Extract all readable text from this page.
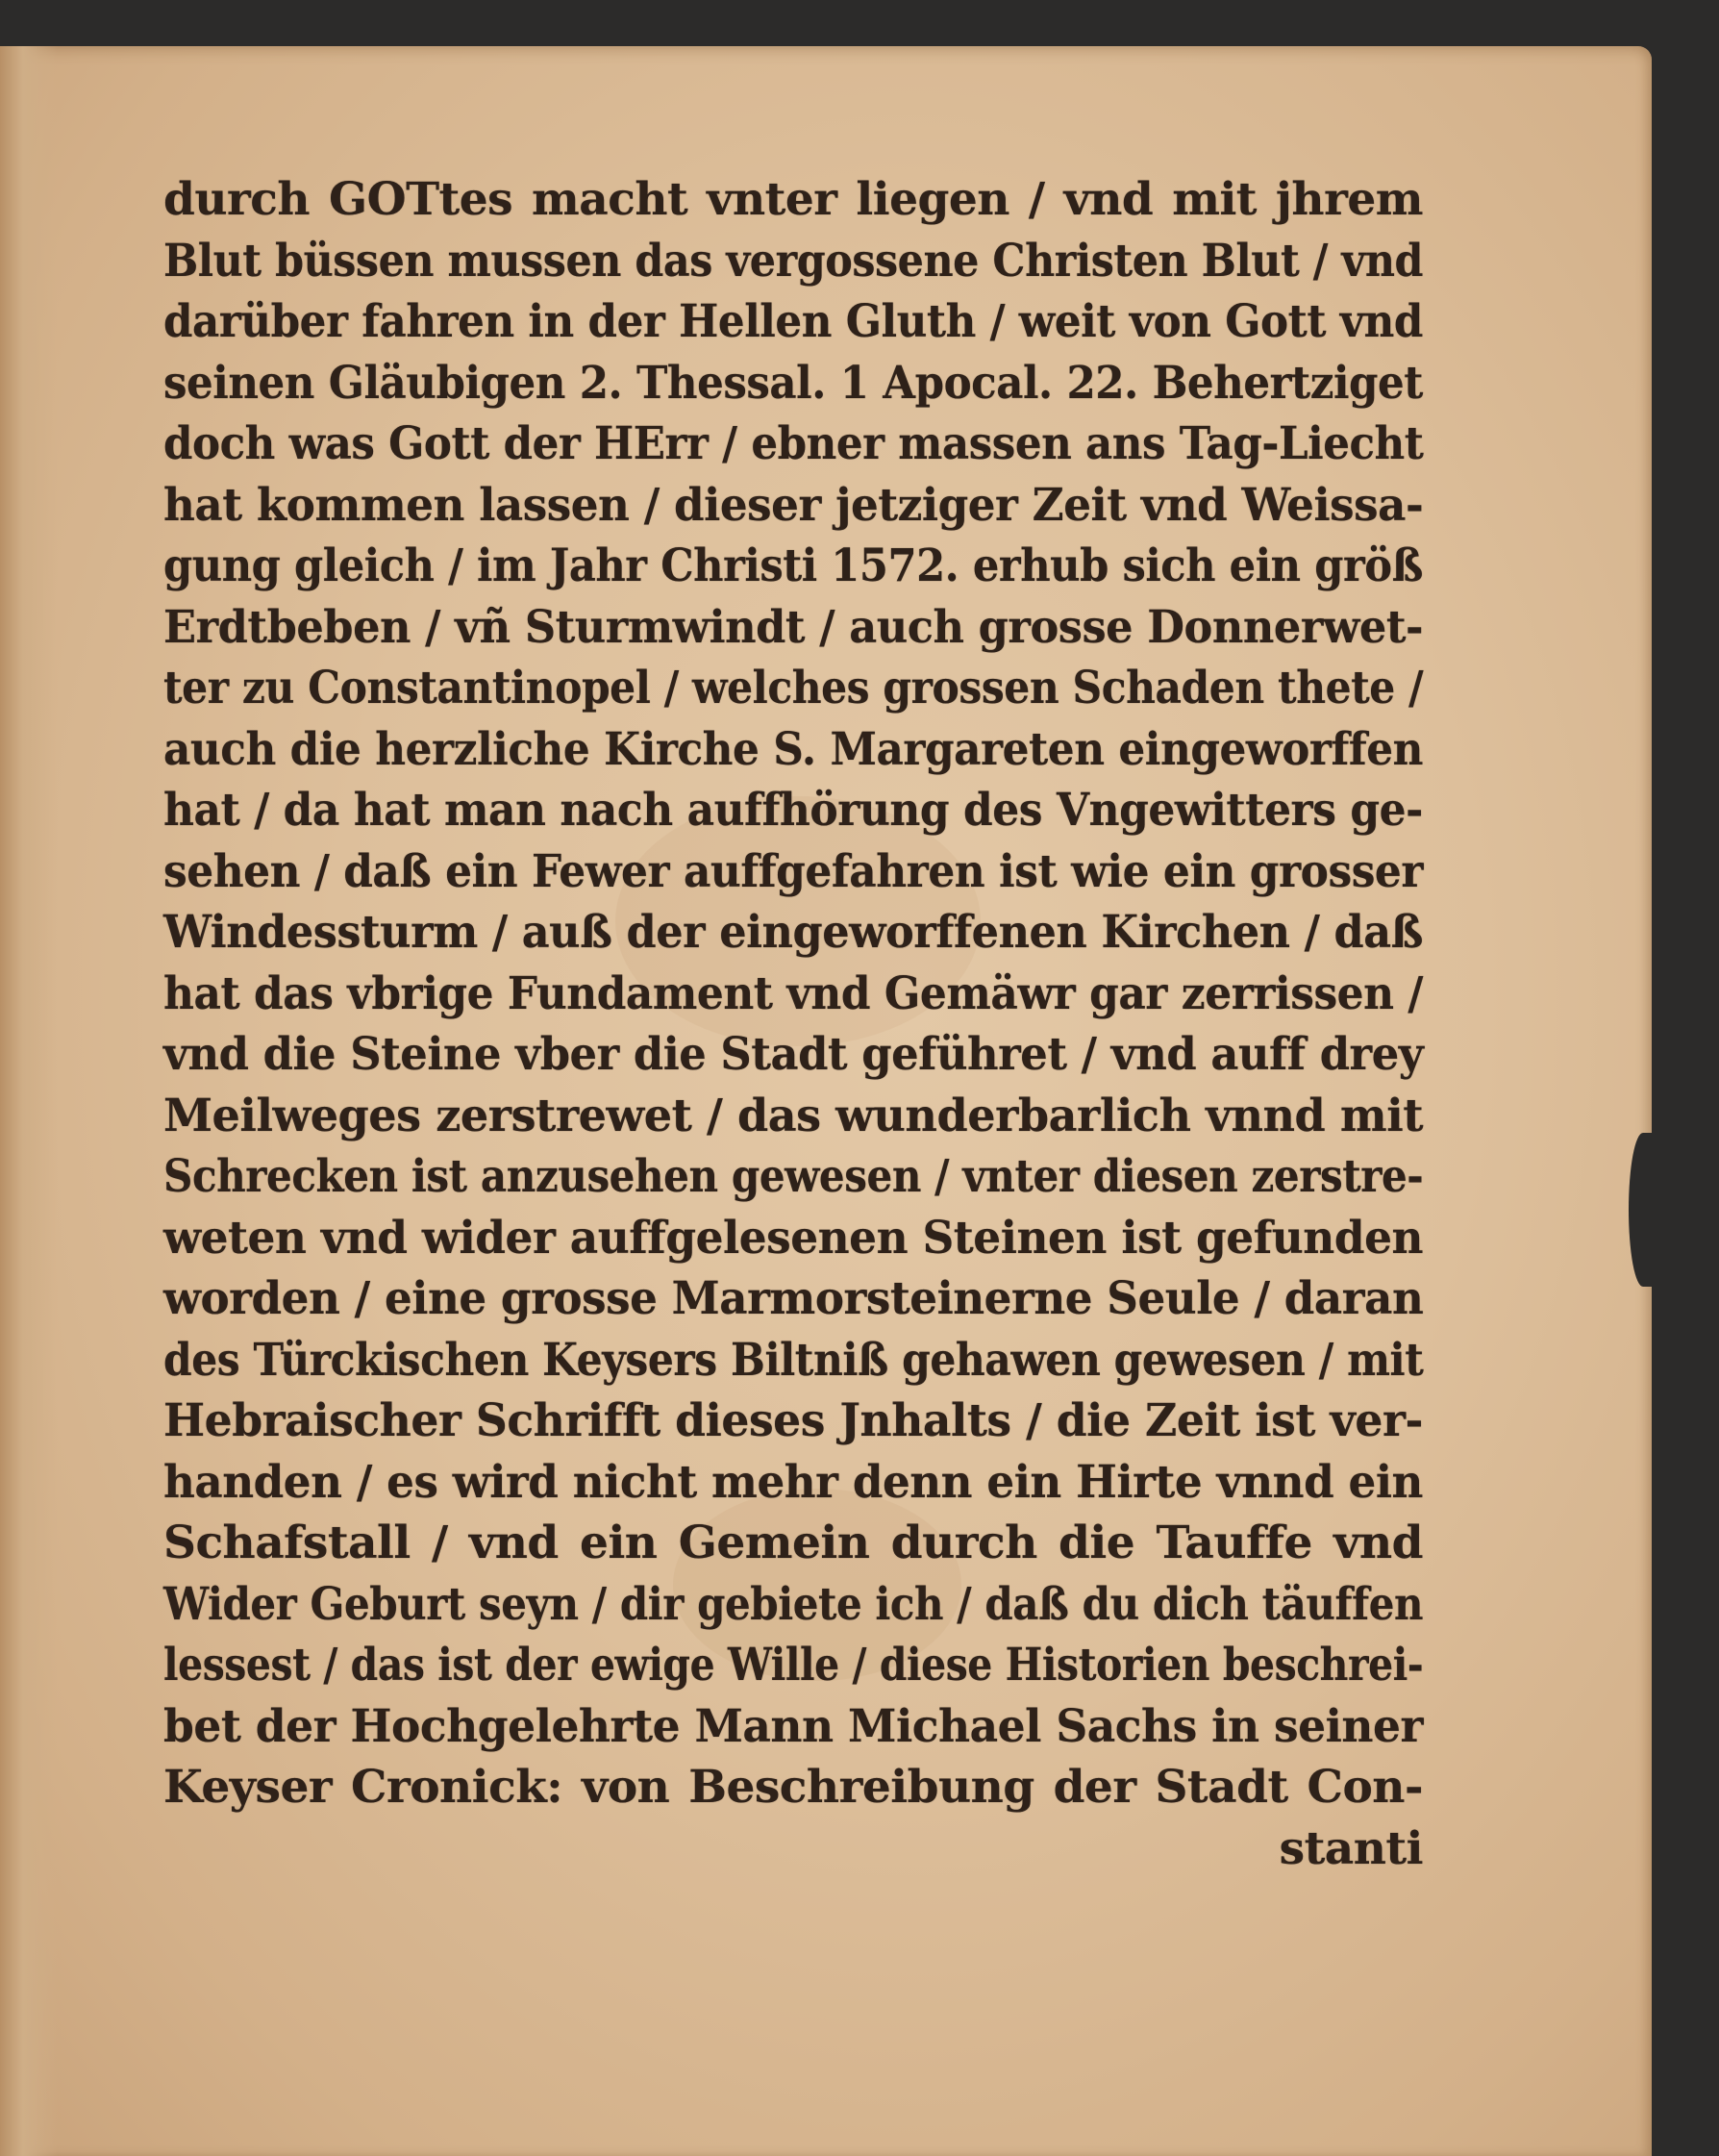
durch GOTtes macht vnter liegen / vnd mit jhrem
Blut büssen mussen das vergossene Christen Blut / vnd
darüber fahren in der Hellen Gluth / weit von Gott vnd
seinen Gläubigen 2. Thessal. 1 Apocal. 22. Behertziget
doch was Gott der HErr / ebner massen ans Tag-Liecht
hat kommen lassen / dieser jetziger Zeit vnd Weissa-
gung gleich / im Jahr Christi 1572. erhub sich ein größ
Erdtbeben / vñ Sturmwindt / auch grosse Donnerwet-
ter zu Constantinopel / welches grossen Schaden thete /
auch die herzliche Kirche S. Margareten eingeworffen
hat / da hat man nach auffhörung des Vngewitters ge-
sehen / daß ein Fewer auffgefahren ist wie ein grosser
Windessturm / auß der eingeworffenen Kirchen / daß
hat das vbrige Fundament vnd Gemäwr gar zerrissen /
vnd die Steine vber die Stadt geführet / vnd auff drey
Meilweges zerstrewet / das wunderbarlich vnnd mit
Schrecken ist anzusehen gewesen / vnter diesen zerstre-
weten vnd wider auffgelesenen Steinen ist gefunden
worden / eine grosse Marmorsteinerne Seule / daran
des Türckischen Keysers Biltniß gehawen gewesen / mit
Hebraischer Schrifft dieses Jnhalts / die Zeit ist ver-
handen / es wird nicht mehr denn ein Hirte vnnd ein
Schafstall / vnd ein Gemein durch die Tauffe vnd
Wider Geburt seyn / dir gebiete ich / daß du dich täuffen
lessest / das ist der ewige Wille / diese Historien beschrei-
bet der Hochgelehrte Mann Michael Sachs in seiner
Keyser Cronick: von Beschreibung der Stadt Con-
stanti
